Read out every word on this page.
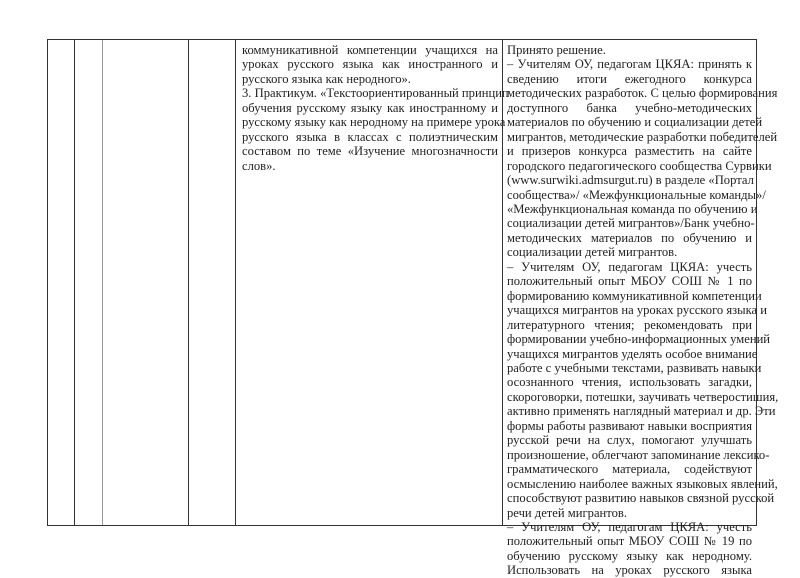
коммуникативной компетенции учащихся на
уроках русского языка как иностранного и
русского языка как неродного».
3. Практикум. «Текстоориентированный принцип
обучения русскому языку как иностранному и
русскому языку как неродному на примере урока
русского языка в классах с полиэтническим
составом по теме «Изучение многозначности
слов».
Принято решение.
– Учителям ОУ, педагогам ЦКЯА: принять к
сведению итоги ежегодного конкурса
методических разработок. С целью формирования
доступного банка учебно-методических
материалов по обучению и социализации детей
мигрантов, методические разработки победителей
и призеров конкурса разместить на сайте
городского педагогического сообщества Сурвики
(www.surwiki.admsurgut.ru) в разделе «Портал
сообщества»/ «Межфункциональные команды»/
«Межфункциональная команда по обучению и
социализации детей мигрантов»/Банк учебно-
методических материалов по обучению и
социализации детей мигрантов.
– Учителям ОУ, педагогам ЦКЯА: учесть
положительный опыт МБОУ СОШ № 1 по
формированию коммуникативной компетенции
учащихся мигрантов на уроках русского языка и
литературного чтения; рекомендовать при
формировании учебно-информационных умений
учащихся мигрантов уделять особое внимание
работе с учебными текстами, развивать навыки
осознанного чтения, использовать загадки,
скороговорки, потешки, заучивать четверостишия,
активно применять наглядный материал и др. Эти
формы работы развивают навыки восприятия
русской речи на слух, помогают улучшать
произношение, облегчают запоминание лексико-
грамматического материала, содействуют
осмыслению наиболее важных языковых явлений,
способствуют развитию навыков связной русской
речи детей мигрантов.
– Учителям ОУ, педагогам ЦКЯА: учесть
положительный опыт МБОУ СОШ № 19 по
обучению русскому языку как неродному.
Использовать на уроках русского языка
